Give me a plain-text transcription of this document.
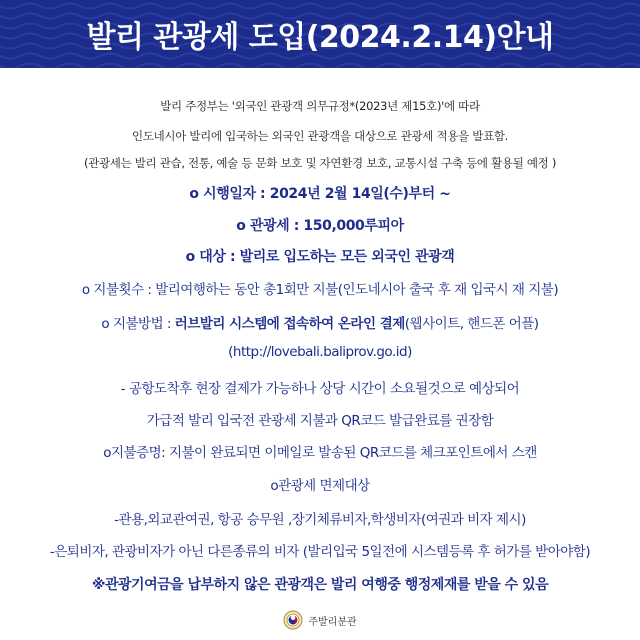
발리 관광세 도입(2024.2.14)안내
발리 주정부는 '외국인 관광객 의무규정*(2023년 제15호)'에 따라
인도네시아 발리에 입국하는 외국인 관광객을 대상으로 관광세 적용을 발표함.
(관광세는 발리 관습, 전통, 예술 등 문화 보호 및 자연환경 보호, 교통시설 구축 등에 활용될 예정 )
o 시행일자 : 2024년 2월 14일(수)부터 ~
o 관광세 : 150,000루피아
o 대상 : 발리로 입도하는 모든 외국인 관광객
o 지불횟수 : 발리여행하는 동안 총1회만 지불(인도네시아 출국 후 재 입국시 재 지불)
o 지불방법 : 러브발리 시스템에 접속하여 온라인 결제(웹사이트, 핸드폰 어플)
(http://lovebali.baliprov.go.id)
- 공항도착후 현장 결제가 가능하나 상당 시간이 소요될것으로 예상되어
가급적 발리 입국전 관광세 지불과 QR코드 발급완료를 권장함
o지불증명: 지불이 완료되면 이메일로 발송된 QR코드를 체크포인트에서 스캔
o관광세 면제대상
-관용,외교관여권, 항공 승무원 ,장기체류비자,학생비자(여권과 비자 제시)
-은퇴비자, 관광비자가 아닌 다른종류의 비자 (발리입국 5일전에 시스템등록 후 허가를 받아야함)
※관광기여금을 납부하지 않은 관광객은 발리 여행중 행정제재를 받을 수 있음
주발리분관
